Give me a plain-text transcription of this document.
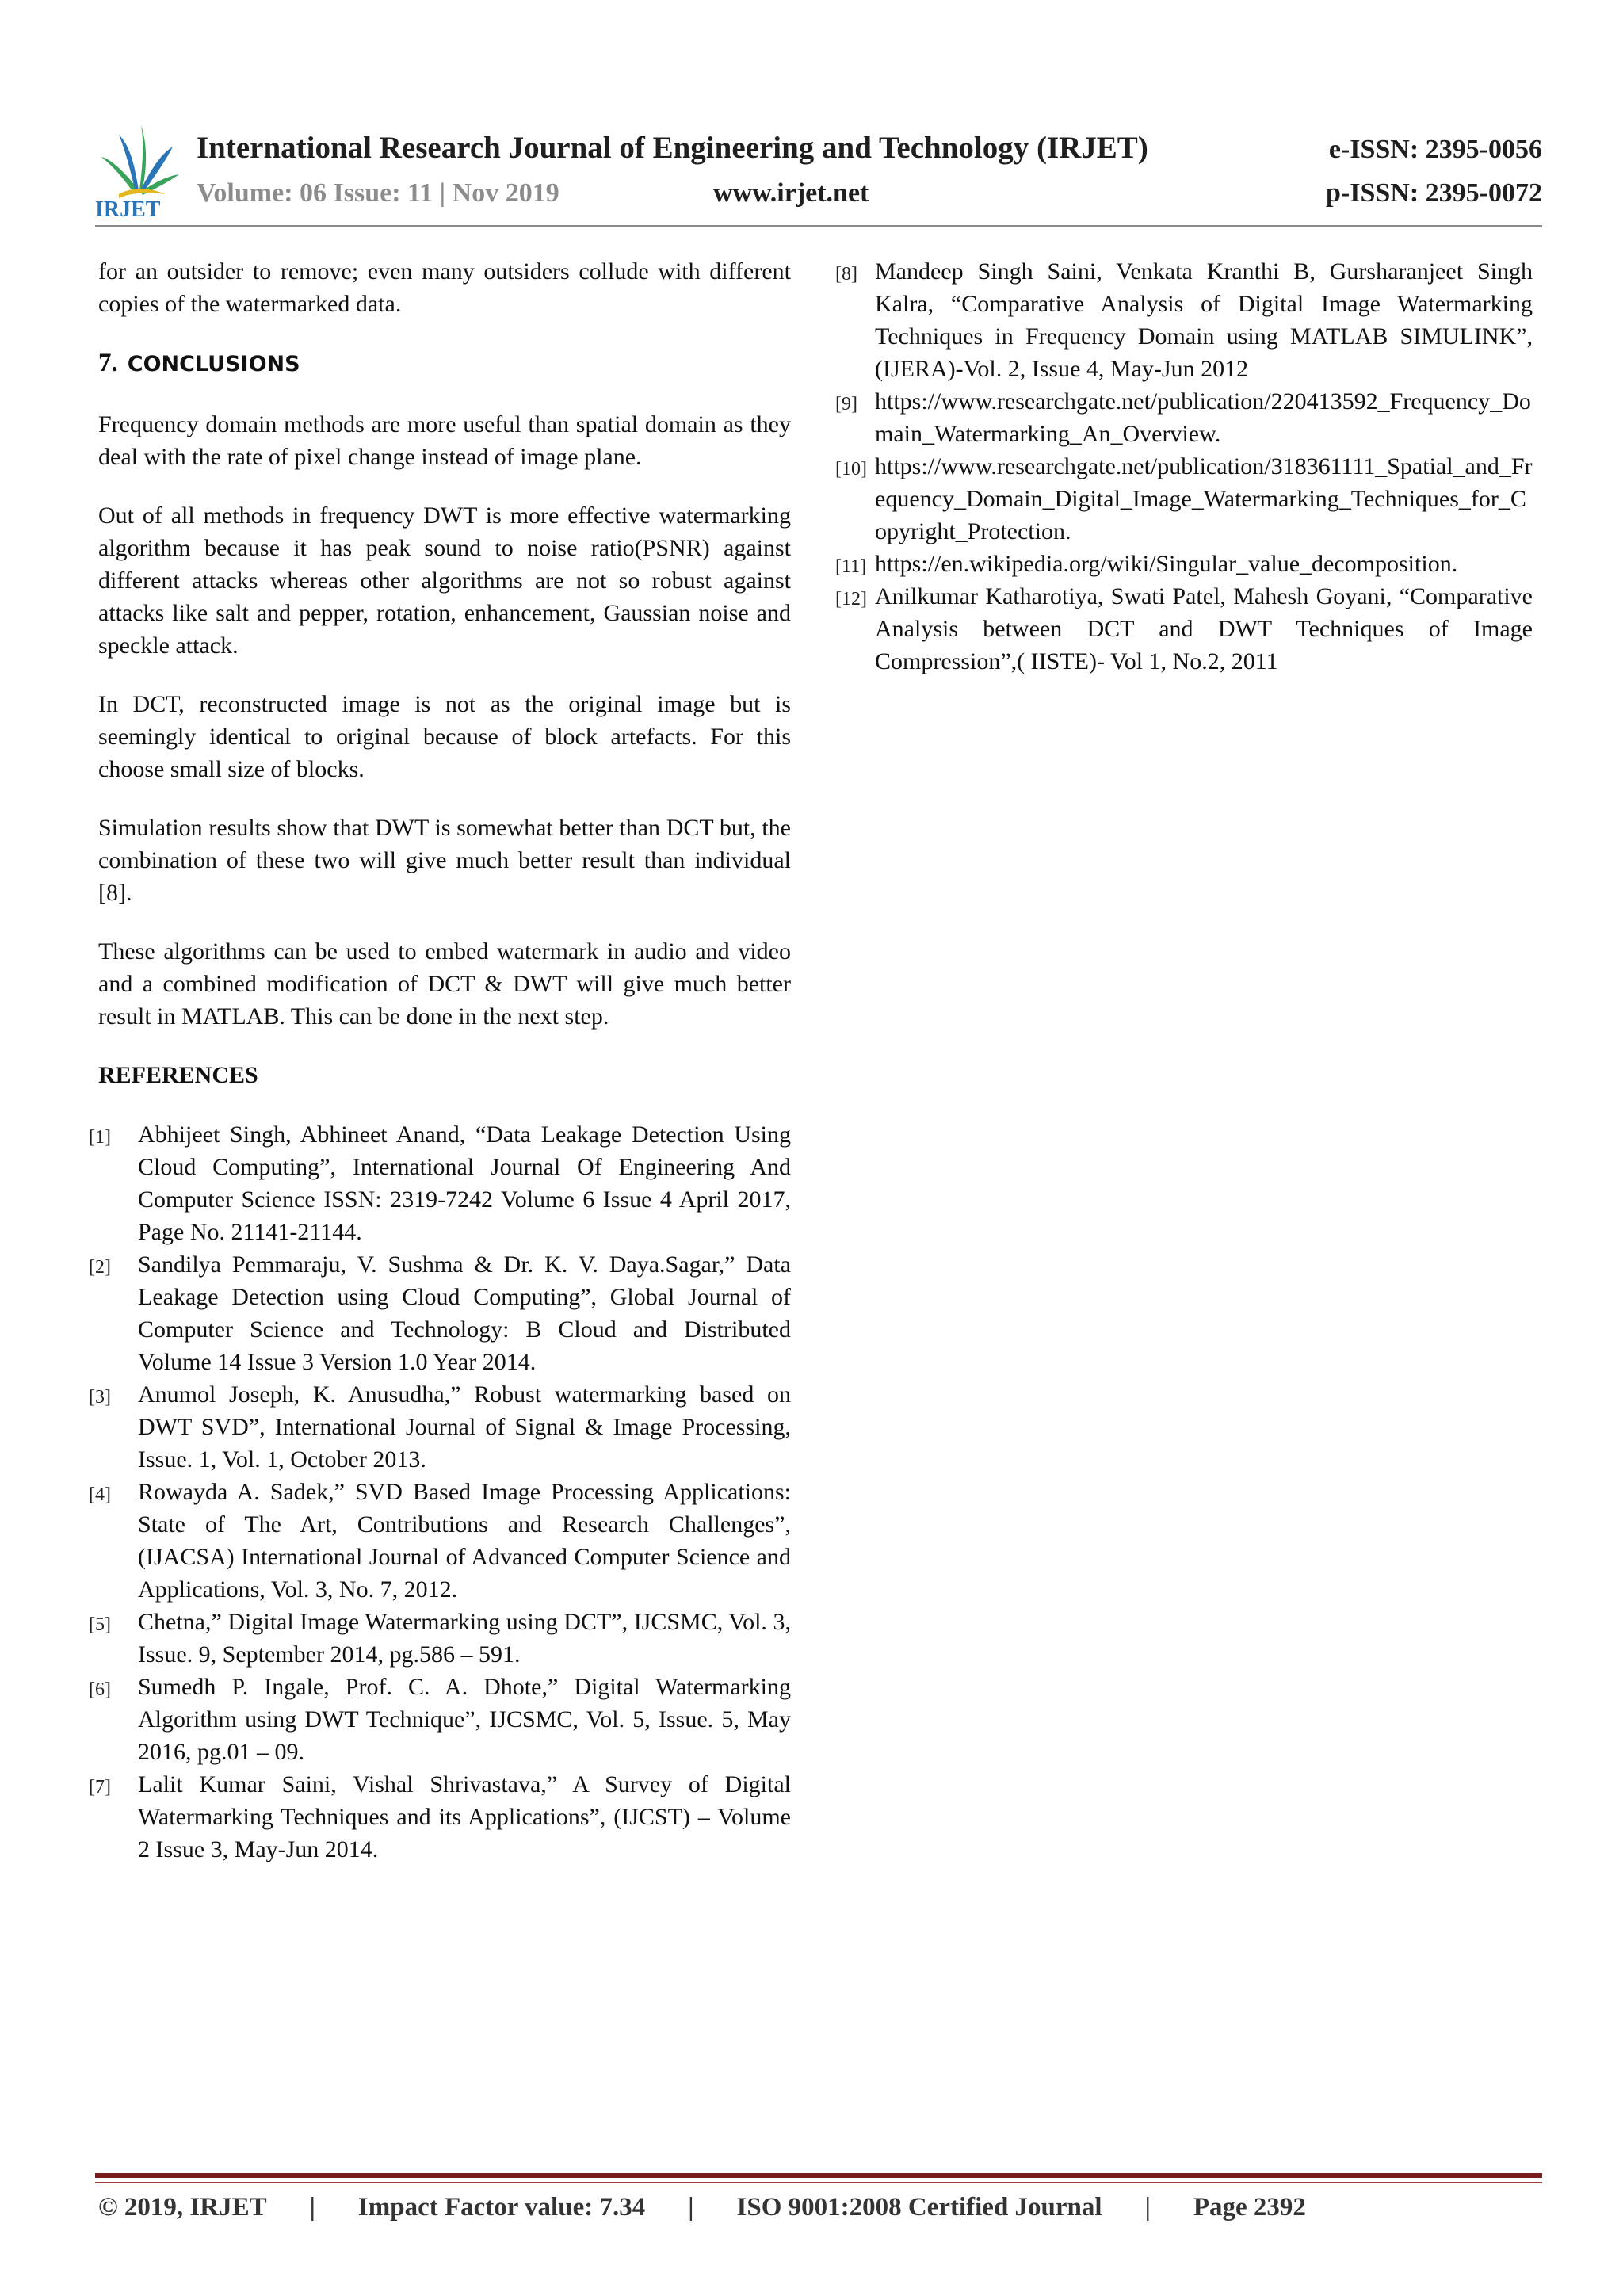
IRJET
International Research Journal of Engineering and Technology (IRJET)	e-ISSN: 2395-0056
Volume: 06 Issue: 11 | Nov 2019	www.irjet.net	p-ISSN: 2395-0072

for an outsider to remove; even many outsiders collude with different copies of the watermarked data.

7. CONCLUSIONS

Frequency domain methods are more useful than spatial domain as they deal with the rate of pixel change instead of image plane.

Out of all methods in frequency DWT is more effective watermarking algorithm because it has peak sound to noise ratio(PSNR) against different attacks whereas other algorithms are not so robust against attacks like salt and pepper, rotation, enhancement, Gaussian noise and speckle attack.

In DCT, reconstructed image is not as the original image but is seemingly identical to original because of block artefacts. For this choose small size of blocks.

Simulation results show that DWT is somewhat better than DCT but, the combination of these two will give much better result than individual [8].

These algorithms can be used to embed watermark in audio and video and a combined modification of DCT & DWT will give much better result in MATLAB. This can be done in the next step.

REFERENCES
[1] Abhijeet Singh, Abhineet Anand, “Data Leakage Detection Using Cloud Computing”, International Journal Of Engineering And Computer Science ISSN: 2319-7242 Volume 6 Issue 4 April 2017, Page No. 21141-21144.
[2] Sandilya Pemmaraju, V. Sushma & Dr. K. V. Daya.Sagar,” Data Leakage Detection using Cloud Computing”, Global Journal of Computer Science and Technology: B Cloud and Distributed Volume 14 Issue 3 Version 1.0 Year 2014.
[3] Anumol Joseph, K. Anusudha,” Robust watermarking based on DWT SVD”, International Journal of Signal & Image Processing, Issue. 1, Vol. 1, October 2013.
[4] Rowayda A. Sadek,” SVD Based Image Processing Applications: State of The Art, Contributions and Research Challenges”, (IJACSA) International Journal of Advanced Computer Science and Applications, Vol. 3, No. 7, 2012.
[5] Chetna,” Digital Image Watermarking using DCT”, IJCSMC, Vol. 3, Issue. 9, September 2014, pg.586 – 591.
[6] Sumedh P. Ingale, Prof. C. A. Dhote,” Digital Watermarking Algorithm using DWT Technique”, IJCSMC, Vol. 5, Issue. 5, May 2016, pg.01 – 09.
[7] Lalit Kumar Saini, Vishal Shrivastava,” A Survey of Digital Watermarking Techniques and its Applications”, (IJCST) – Volume 2 Issue 3, May-Jun 2014.
[8] Mandeep Singh Saini, Venkata Kranthi B, Gursharanjeet Singh Kalra, “Comparative Analysis of Digital Image Watermarking Techniques in Frequency Domain using MATLAB SIMULINK”, (IJERA)-Vol. 2, Issue 4, May-Jun 2012
[9] https://www.researchgate.net/publication/220413592_Frequency_Domain_Watermarking_An_Overview.
[10] https://www.researchgate.net/publication/318361111_Spatial_and_Frequency_Domain_Digital_Image_Watermarking_Techniques_for_Copyright_Protection.
[11] https://en.wikipedia.org/wiki/Singular_value_decomposition.
[12] Anilkumar Katharotiya, Swati Patel, Mahesh Goyani, “Comparative Analysis between DCT and DWT Techniques of Image Compression”,( IISTE)- Vol 1, No.2, 2011
© 2019, IRJET | Impact Factor value: 7.34 | ISO 9001:2008 Certified Journal | Page 2392
